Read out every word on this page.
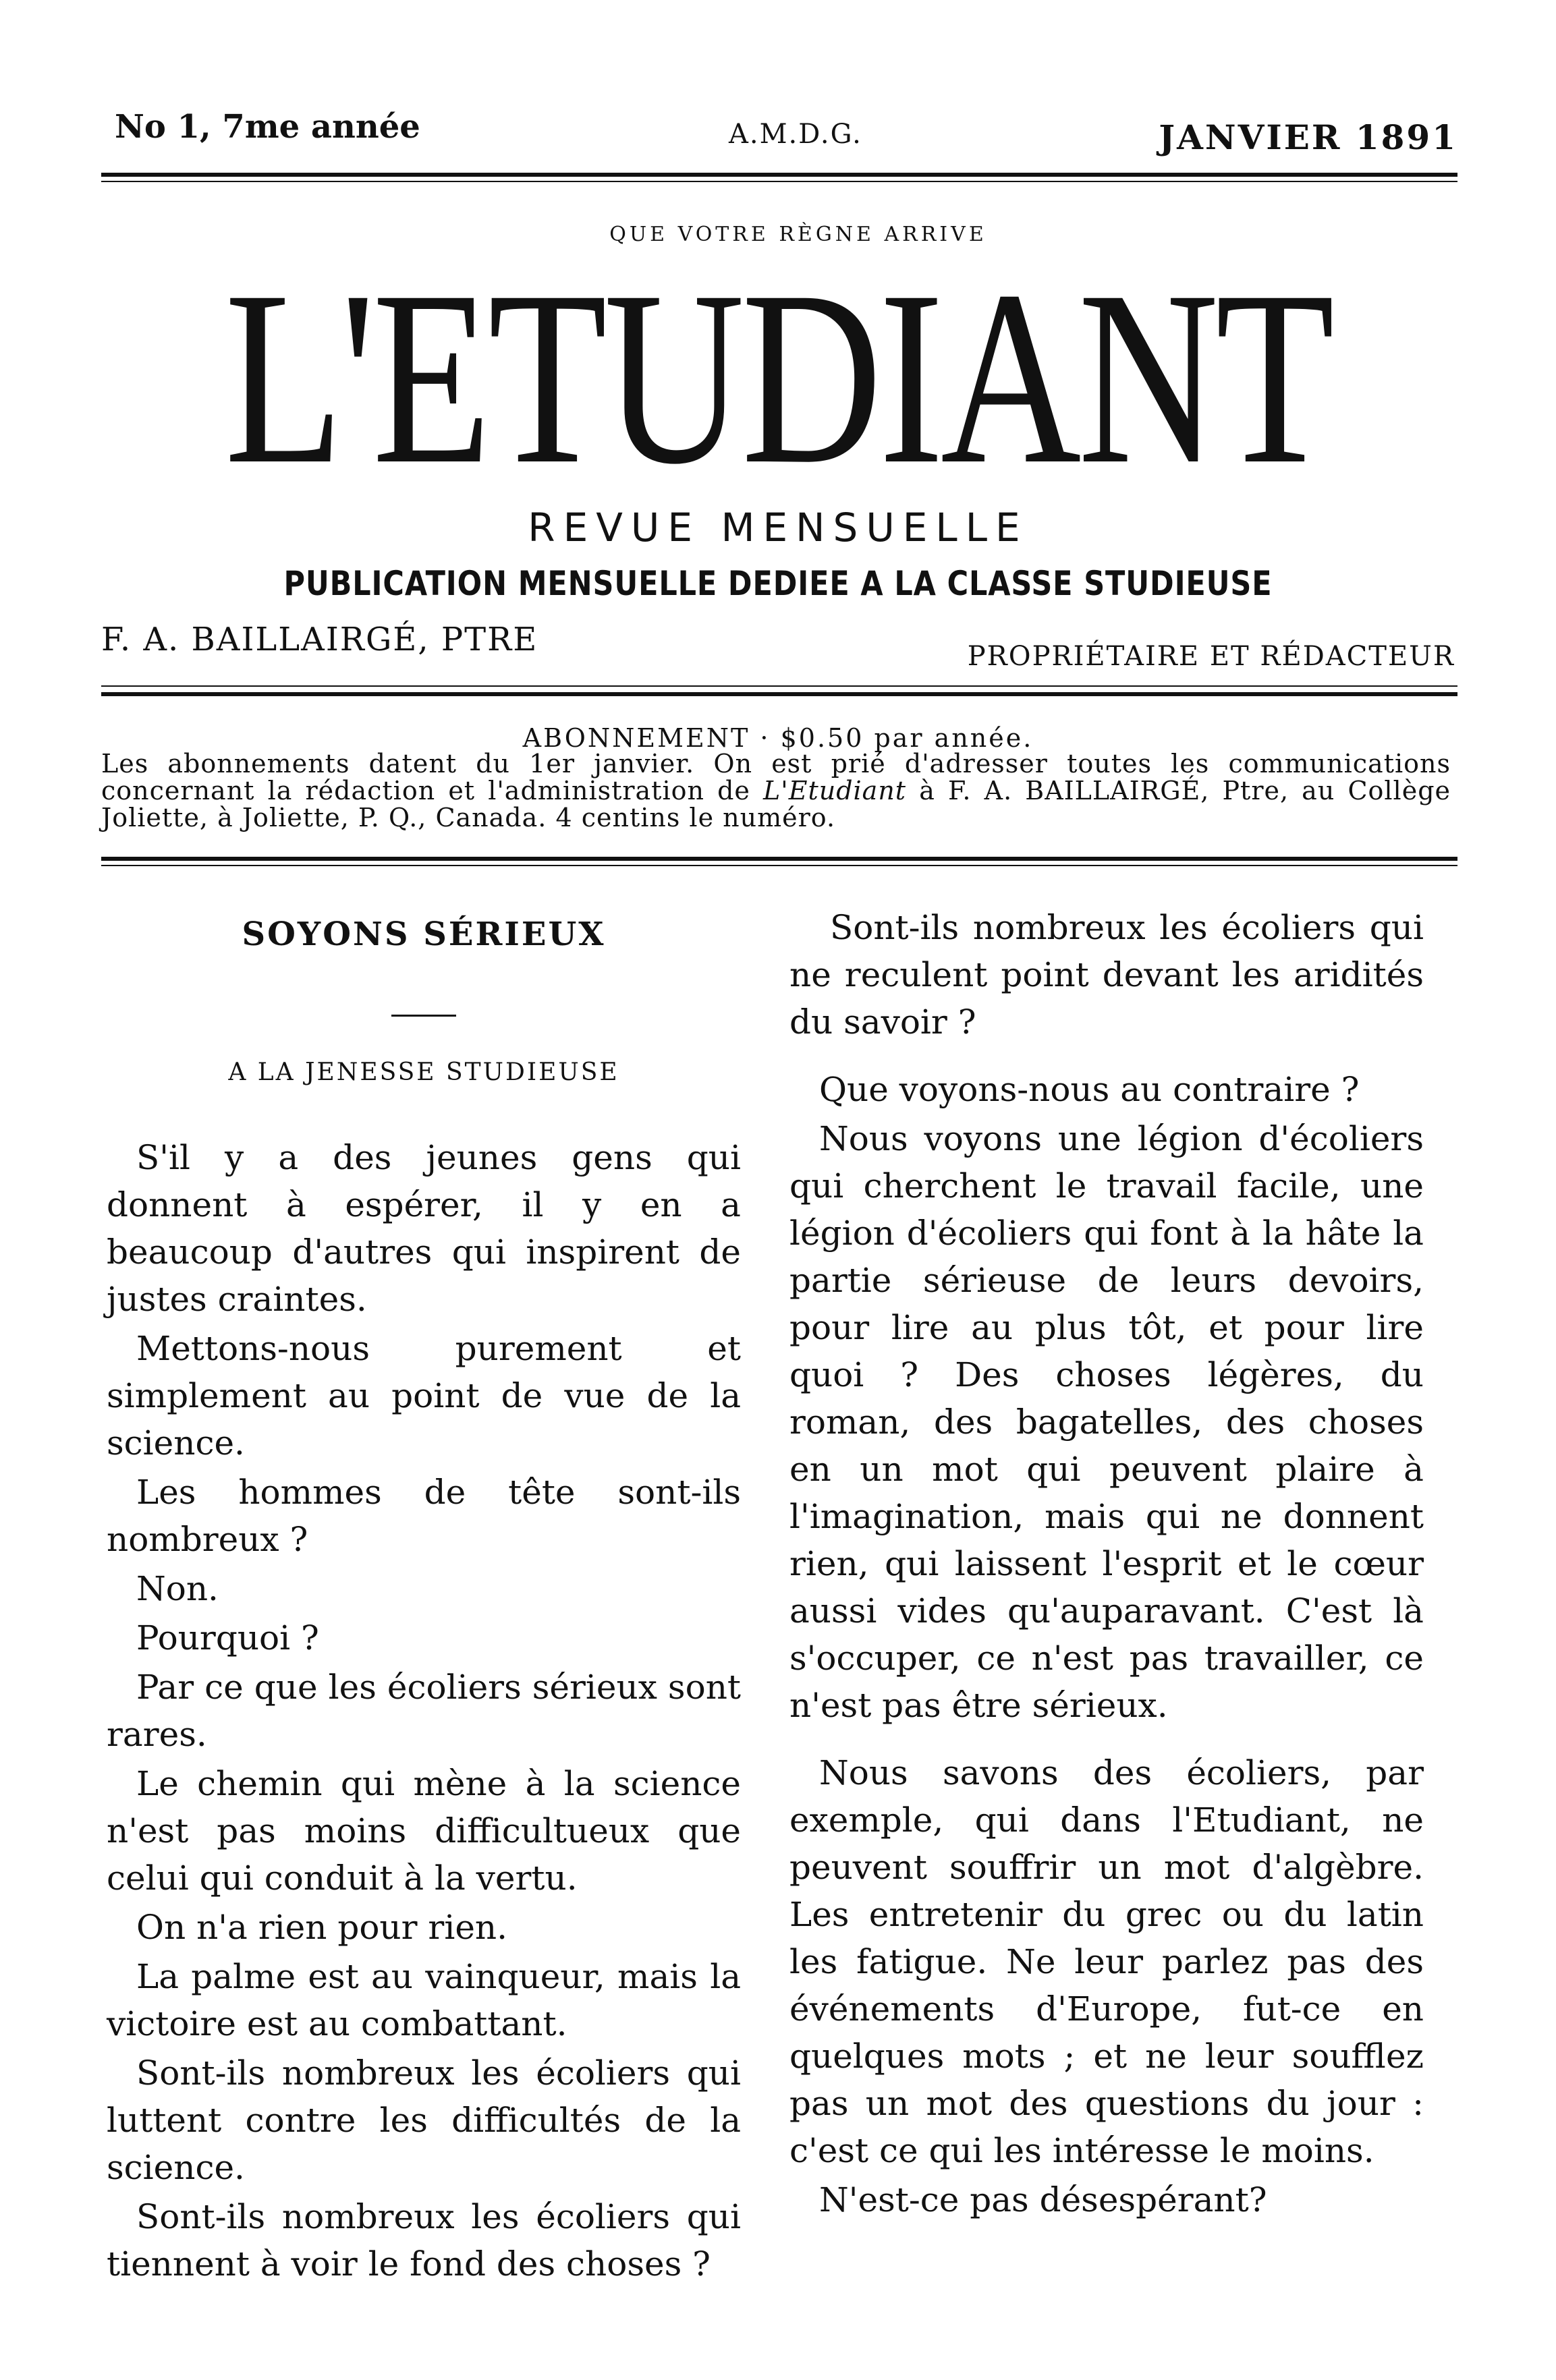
No 1, 7me année	A.M.D.G.	JANVIER 1891
QUE VOTRE RÈGNE ARRIVE
L'ETUDIANT
REVUE MENSUELLE
PUBLICATION MENSUELLE DEDIEE A LA CLASSE STUDIEUSE
F. A. BAILLAIRGÉ, PTRE	PROPRIÉTAIRE ET RÉDACTEUR
ABONNEMENT · $0.50 par année.
Les abonnements datent du 1er janvier. On est prié d'adresser toutes les communications concernant la rédaction et l'administration de L'Etudiant à F. A. BAILLAIRGÉ, Ptre, au Collège Joliette, à Joliette, P. Q., Canada. 4 centins le numéro.
SOYONS SÉRIEUX
A LA JENESSE STUDIEUSE

S'il y a des jeunes gens qui donnent à espérer, il y en a beaucoup d'autres qui inspirent de justes craintes.

Mettons-nous purement et simplement au point de vue de la science.

Les hommes de tête sont-ils nombreux ?

Non.

Pourquoi ?

Par ce que les écoliers sérieux sont rares.

Le chemin qui mène à la science n'est pas moins difficultueux que celui qui conduit à la vertu.

On n'a rien pour rien.

La palme est au vainqueur, mais la victoire est au combattant.

Sont-ils nombreux les écoliers qui luttent contre les difficultés de la science.

Sont-ils nombreux les écoliers qui tiennent à voir le fond des choses ?

Sont-ils nombreux les écoliers qui ne reculent point devant les aridités du savoir ?

Que voyons-nous au contraire ?

Nous voyons une légion d'écoliers qui cherchent le travail facile, une légion d'écoliers qui font à la hâte la partie sérieuse de leurs devoirs, pour lire au plus tôt, et pour lire quoi ? Des choses légères, du roman, des bagatelles, des choses en un mot qui peuvent plaire à l'imagination, mais qui ne donnent rien, qui laissent l'esprit et le cœur aussi vides qu'auparavant. C'est là s'occuper, ce n'est pas travailler, ce n'est pas être sérieux.

Nous savons des écoliers, par exemple, qui dans l'Etudiant, ne peuvent souffrir un mot d'algèbre. Les entretenir du grec ou du latin les fatigue. Ne leur parlez pas des événements d'Europe, fut-ce en quelques mots ; et ne leur soufflez pas un mot des questions du jour : c'est ce qui les intéresse le moins.

N'est-ce pas désespérant?
